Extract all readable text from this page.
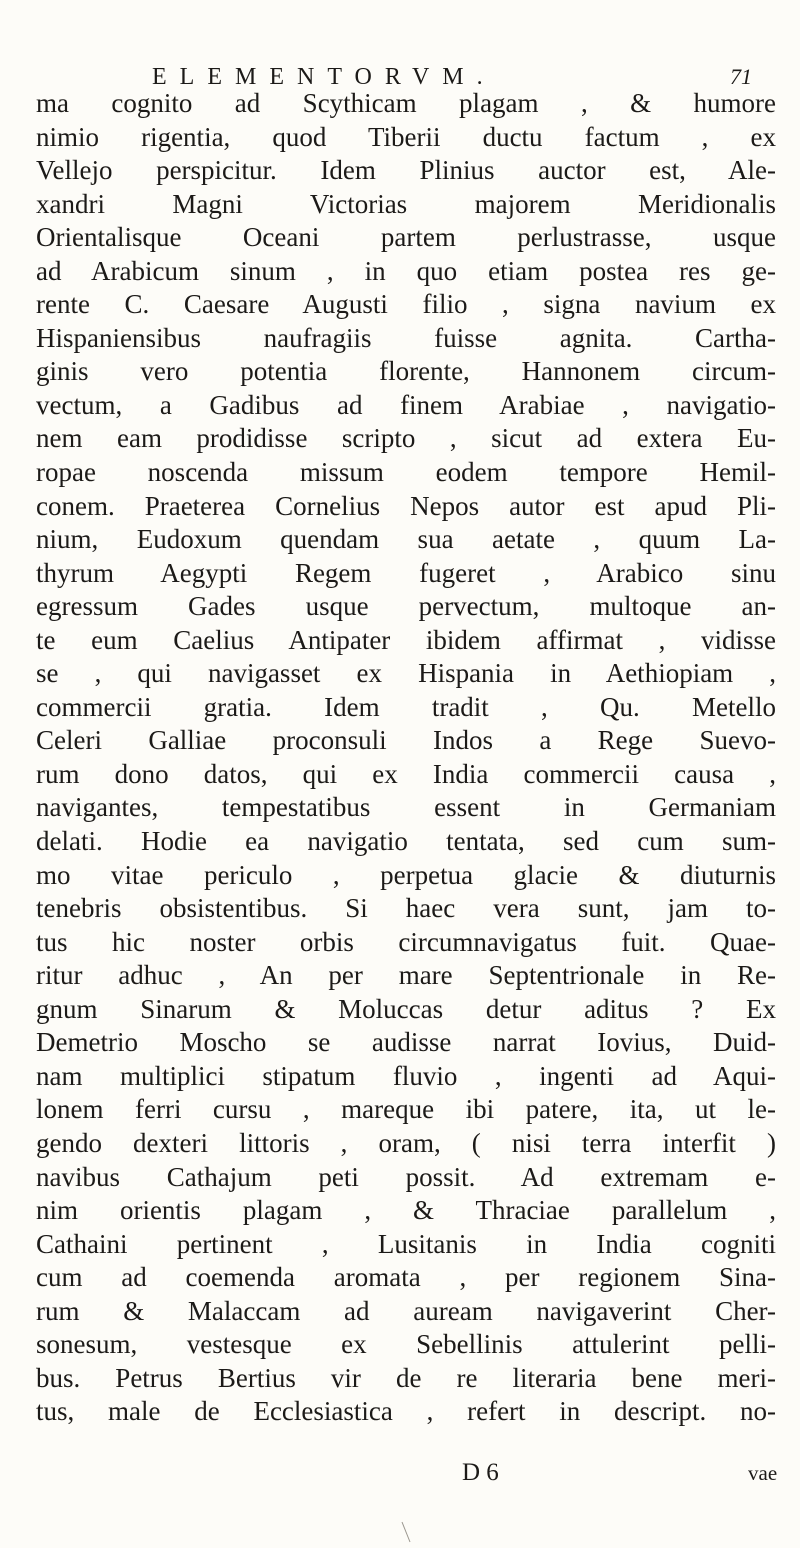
ELEMENTORVM.	71
ma cognito ad Scythicam plagam , & humore
nimio rigentia, quod Tiberii ductu factum , ex
Vellejo perspicitur. Idem Plinius auctor est, Ale-
xandri Magni Victorias majorem Meridionalis
Orientalisque Oceani partem perlustrasse, usque
ad Arabicum sinum , in quo etiam postea res ge-
rente C. Caesare Augusti filio , signa navium ex
Hispaniensibus naufragiis fuisse agnita. Cartha-
ginis vero potentia florente, Hannonem circum-
vectum, a Gadibus ad finem Arabiae , navigatio-
nem eam prodidisse scripto , sicut ad extera Eu-
ropae noscenda missum eodem tempore Hemil-
conem. Praeterea Cornelius Nepos autor est apud Pli-
nium, Eudoxum quendam sua aetate , quum La-
thyrum Aegypti Regem fugeret , Arabico sinu
egressum Gades usque pervectum, multoque an-
te eum Caelius Antipater ibidem affirmat , vidisse
se , qui navigasset ex Hispania in Aethiopiam ,
commercii gratia. Idem tradit , Qu. Metello
Celeri Galliae proconsuli Indos a Rege Suevo-
rum dono datos, qui ex India commercii causa ,
navigantes, tempestatibus essent in Germaniam
delati. Hodie ea navigatio tentata, sed cum sum-
mo vitae periculo , perpetua glacie & diuturnis
tenebris obsistentibus. Si haec vera sunt, jam to-
tus hic noster orbis circumnavigatus fuit. Quae-
ritur adhuc , An per mare Septentrionale in Re-
gnum Sinarum & Moluccas detur aditus ? Ex
Demetrio Moscho se audisse narrat Iovius, Duid-
nam multiplici stipatum fluvio , ingenti ad Aqui-
lonem ferri cursu , mareque ibi patere, ita, ut le-
gendo dexteri littoris , oram, ( nisi terra interfit )
navibus Cathajum peti possit. Ad extremam e-
nim orientis plagam , & Thraciae parallelum ,
Cathaini pertinent , Lusitanis in India cogniti
cum ad coemenda aromata , per regionem Sina-
rum & Malaccam ad auream navigaverint Cher-
sonesum, vestesque ex Sebellinis attulerint pelli-
bus. Petrus Bertius vir de re literaria bene meri-
tus, male de Ecclesiastica , refert in descript. no-
D 6	vae
